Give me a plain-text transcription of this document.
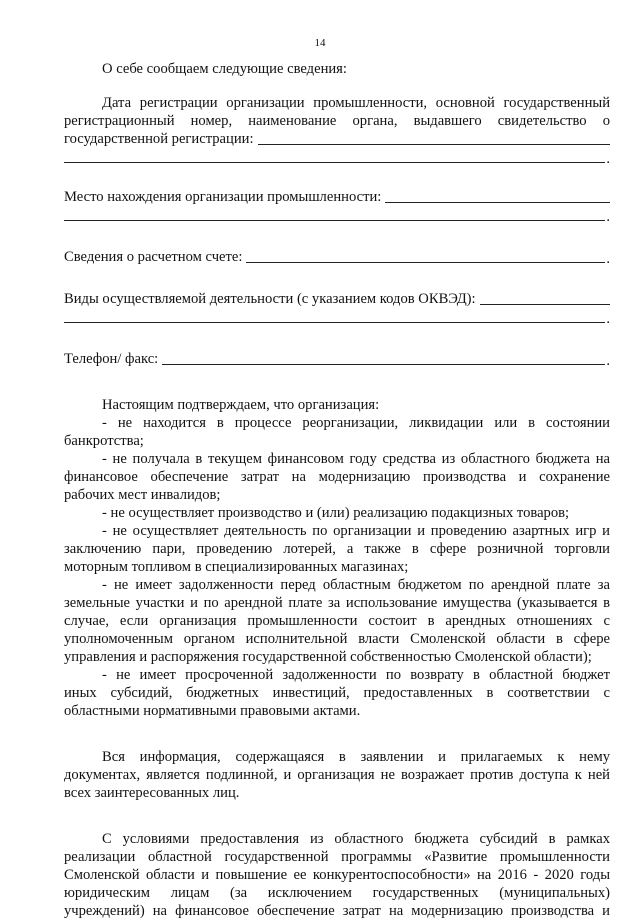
14

О себе сообщаем следующие сведения:

Дата регистрации организации промышленности, основной государственный

регистрационный номер, наименование органа, выдавшего свидетельство о

государственной регистрации:
.
Место нахождения организации промышленности:
.
Сведения о расчетном счете:	.
Виды осуществляемой деятельности (с указанием кодов ОКВЭД):
.
Телефон/ факс:	.

Настоящим подтверждаем, что организация:

- не находится в процессе реорганизации, ликвидации или в состоянии

банкротства;

- не получала в текущем финансовом году средства из областного бюджета на

финансовое обеспечение затрат на модернизацию производства и сохранение

рабочих мест инвалидов;

- не осуществляет производство и (или) реализацию подакцизных товаров;

- не осуществляет деятельность по организации и проведению азартных игр и

заключению пари, проведению лотерей, а также в сфере розничной торговли

моторным топливом в специализированных магазинах;

- не имеет задолженности перед областным бюджетом по арендной плате за

земельные участки и по арендной плате за использование имущества (указывается в

случае, если организация промышленности состоит в арендных отношениях с

уполномоченным органом исполнительной власти Смоленской области в сфере

управления и распоряжения государственной собственностью Смоленской области);

- не имеет просроченной задолженности по возврату в областной бюджет

иных субсидий, бюджетных инвестиций, предоставленных в соответствии с

областными нормативными правовыми актами.

Вся информация, содержащаяся в заявлении и прилагаемых к нему

документах, является подлинной, и организация не возражает против доступа к ней

всех заинтересованных лиц.

С условиями предоставления из областного бюджета субсидий в рамках

реализации областной государственной программы «Развитие промышленности

Смоленской области и повышение ее конкурентоспособности» на 2016 - 2020 годы

юридическим лицам (за исключением государственных (муниципальных)

учреждений) на финансовое обеспечение затрат на модернизацию производства и
